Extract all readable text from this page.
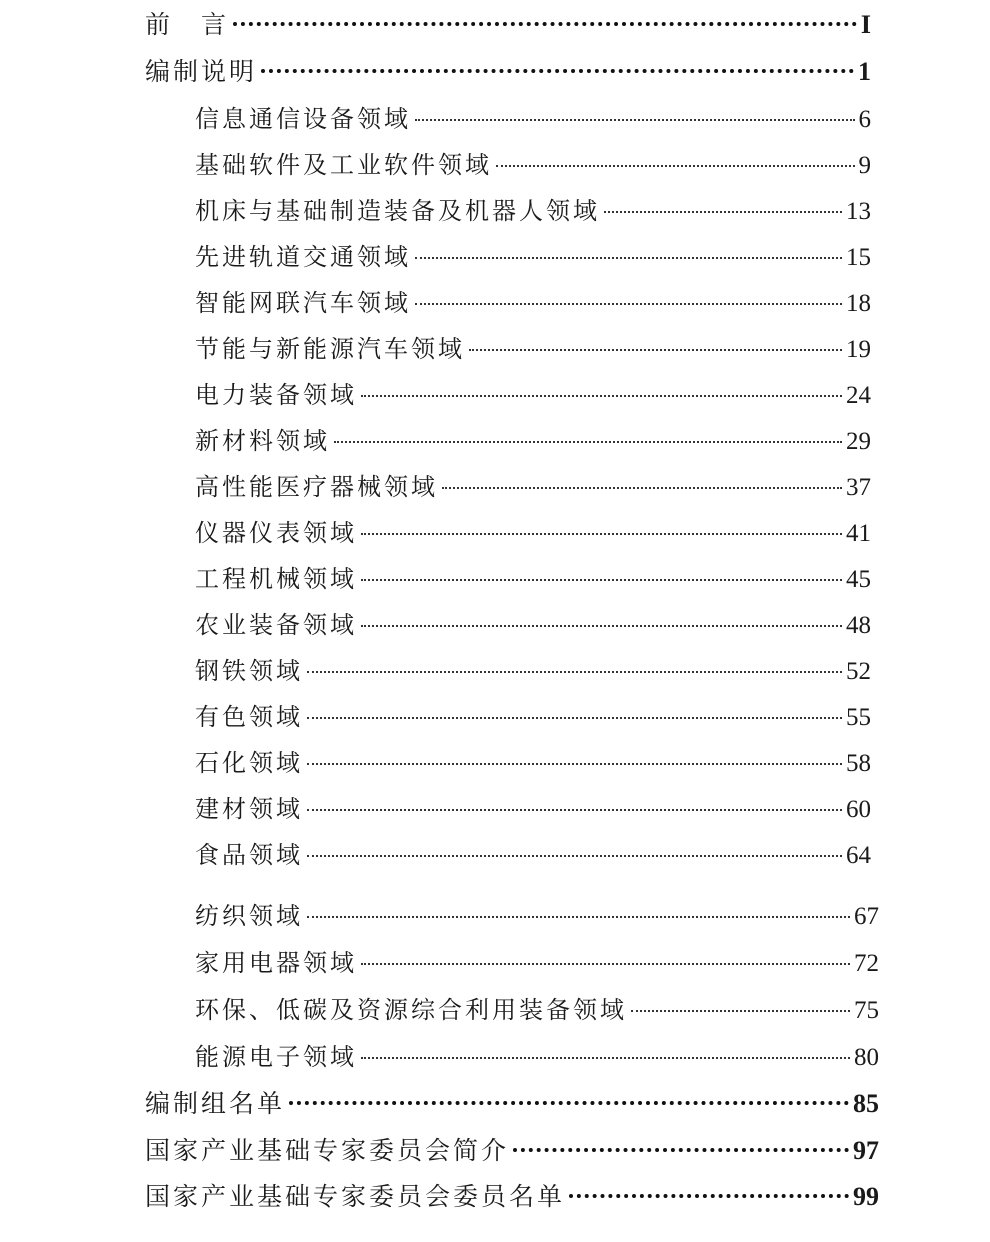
前　言	I
编制说明	1
信息通信设备领域	6
基础软件及工业软件领域	9
机床与基础制造装备及机器人领域	13
先进轨道交通领域	15
智能网联汽车领域	18
节能与新能源汽车领域	19
电力装备领域	24
新材料领域	29
高性能医疗器械领域	37
仪器仪表领域	41
工程机械领域	45
农业装备领域	48
钢铁领域	52
有色领域	55
石化领域	58
建材领域	60
食品领域	64
纺织领域	67
家用电器领域	72
环保、低碳及资源综合利用装备领域	75
能源电子领域	80
编制组名单	85
国家产业基础专家委员会简介	97
国家产业基础专家委员会委员名单	99
